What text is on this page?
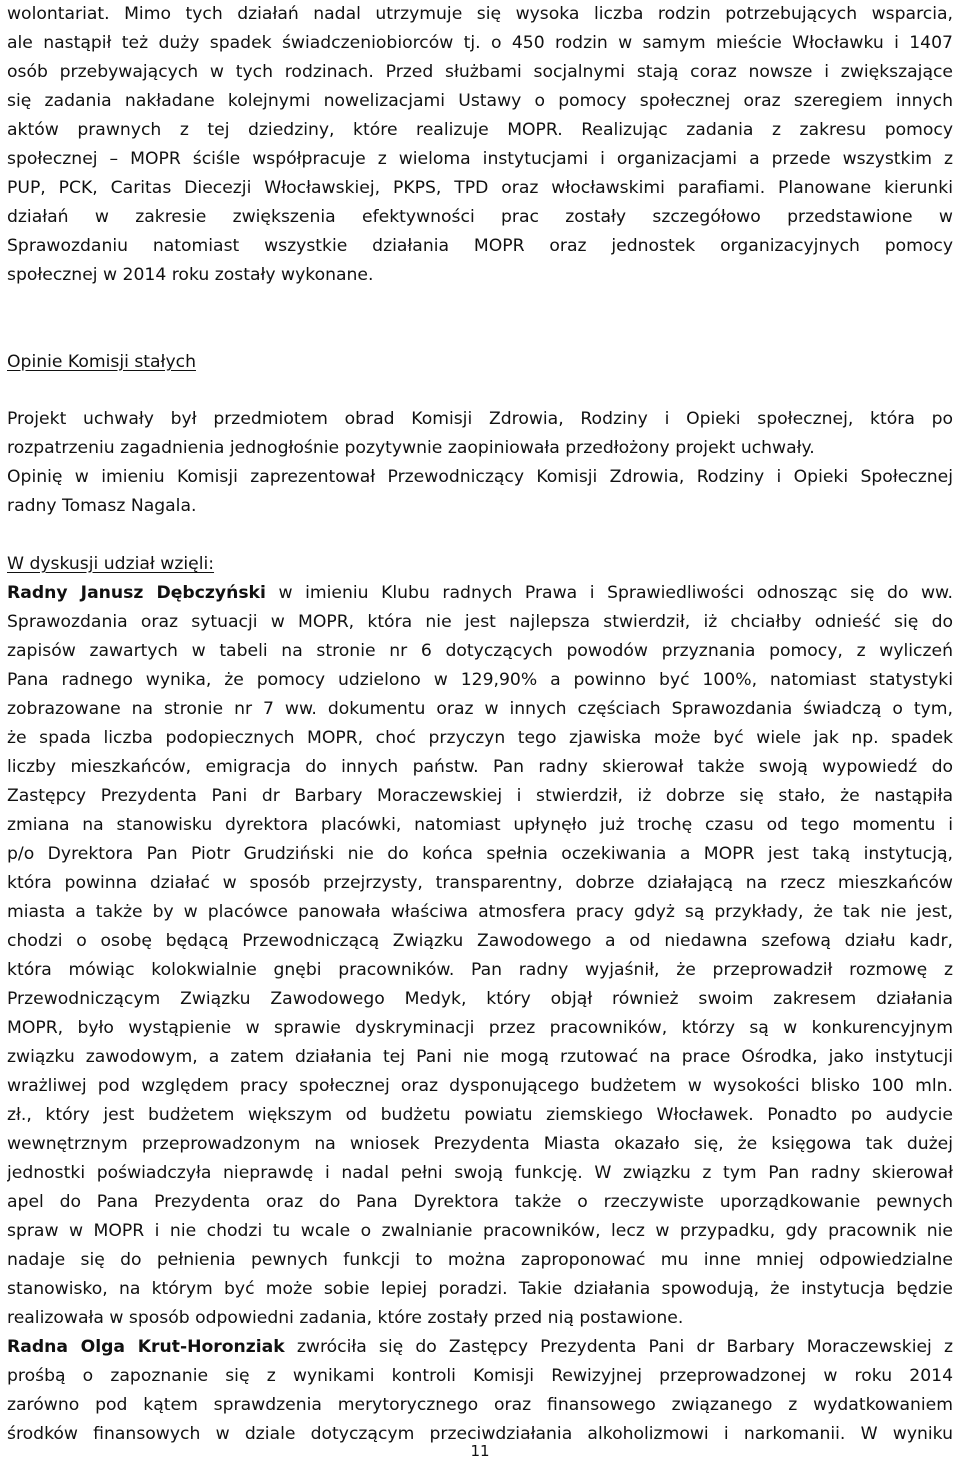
wolontariat. Mimo tych działań nadal utrzymuje się wysoka liczba rodzin potrzebujących wsparcia,
ale nastąpił też duży spadek świadczeniobiorców tj. o 450 rodzin w samym mieście Włocławku i 1407
osób przebywających w tych rodzinach. Przed służbami socjalnymi stają coraz nowsze i zwiększające
się zadania nakładane kolejnymi nowelizacjami Ustawy o pomocy społecznej oraz szeregiem innych
aktów prawnych z tej dziedziny, które realizuje MOPR. Realizując zadania z zakresu pomocy
społecznej – MOPR ściśle współpracuje z wieloma instytucjami i organizacjami a przede wszystkim z
PUP, PCK, Caritas Diecezji Włocławskiej, PKPS, TPD oraz włocławskimi parafiami. Planowane kierunki
działań w zakresie zwiększenia efektywności prac zostały szczegółowo przedstawione w
Sprawozdaniu natomiast wszystkie działania MOPR oraz jednostek organizacyjnych pomocy
społecznej w 2014 roku zostały wykonane.
Opinie Komisji stałych
Projekt uchwały był przedmiotem obrad Komisji Zdrowia, Rodziny i Opieki społecznej, która po
rozpatrzeniu zagadnienia jednogłośnie pozytywnie zaopiniowała przedłożony projekt uchwały.
Opinię w imieniu Komisji zaprezentował Przewodniczący Komisji Zdrowia, Rodziny i Opieki Społecznej
radny Tomasz Nagala.
W dyskusji udział wzięli:
Radny Janusz Dębczyński w imieniu Klubu radnych Prawa i Sprawiedliwości odnosząc się do ww.
Sprawozdania oraz sytuacji w MOPR, która nie jest najlepsza stwierdził, iż chciałby odnieść się do
zapisów zawartych w tabeli na stronie nr 6 dotyczących powodów przyznania pomocy, z wyliczeń
Pana radnego wynika, że pomocy udzielono w 129,90% a powinno być 100%, natomiast statystyki
zobrazowane na stronie nr 7 ww. dokumentu oraz w innych częściach Sprawozdania świadczą o tym,
że spada liczba podopiecznych MOPR, choć przyczyn tego zjawiska może być wiele jak np. spadek
liczby mieszkańców, emigracja do innych państw. Pan radny skierował także swoją wypowiedź do
Zastępcy Prezydenta Pani dr Barbary Moraczewskiej i stwierdził, iż dobrze się stało, że nastąpiła
zmiana na stanowisku dyrektora placówki, natomiast upłynęło już trochę czasu od tego momentu i
p/o Dyrektora Pan Piotr Grudziński nie do końca spełnia oczekiwania a MOPR jest taką instytucją,
która powinna działać w sposób przejrzysty, transparentny, dobrze działającą na rzecz mieszkańców
miasta a także by w placówce panowała właściwa atmosfera pracy gdyż są przykłady, że tak nie jest,
chodzi o osobę będącą Przewodniczącą Związku Zawodowego a od niedawna szefową działu kadr,
która mówiąc kolokwialnie gnębi pracowników. Pan radny wyjaśnił, że przeprowadził rozmowę z
Przewodniczącym Związku Zawodowego Medyk, który objął również swoim zakresem działania
MOPR, było wystąpienie w sprawie dyskryminacji przez pracowników, którzy są w konkurencyjnym
związku zawodowym, a zatem działania tej Pani nie mogą rzutować na prace Ośrodka, jako instytucji
wrażliwej pod względem pracy społecznej oraz dysponującego budżetem w wysokości blisko 100 mln.
zł., który jest budżetem większym od budżetu powiatu ziemskiego Włocławek. Ponadto po audycie
wewnętrznym przeprowadzonym na wniosek Prezydenta Miasta okazało się, że księgowa tak dużej
jednostki poświadczyła nieprawdę i nadal pełni swoją funkcję. W związku z tym Pan radny skierował
apel do Pana Prezydenta oraz do Pana Dyrektora także o rzeczywiste uporządkowanie pewnych
spraw w MOPR i nie chodzi tu wcale o zwalnianie pracowników, lecz w przypadku, gdy pracownik nie
nadaje się do pełnienia pewnych funkcji to można zaproponować mu inne mniej odpowiedzialne
stanowisko, na którym być może sobie lepiej poradzi. Takie działania spowodują, że instytucja będzie
realizowała w sposób odpowiedni zadania, które zostały przed nią postawione.
Radna Olga Krut-Horonziak zwróciła się do Zastępcy Prezydenta Pani dr Barbary Moraczewskiej z
prośbą o zapoznanie się z wynikami kontroli Komisji Rewizyjnej przeprowadzonej w roku 2014
zarówno pod kątem sprawdzenia merytorycznego oraz finansowego związanego z wydatkowaniem
środków finansowych w dziale dotyczącym przeciwdziałania alkoholizmowi i narkomanii. W wyniku
11
